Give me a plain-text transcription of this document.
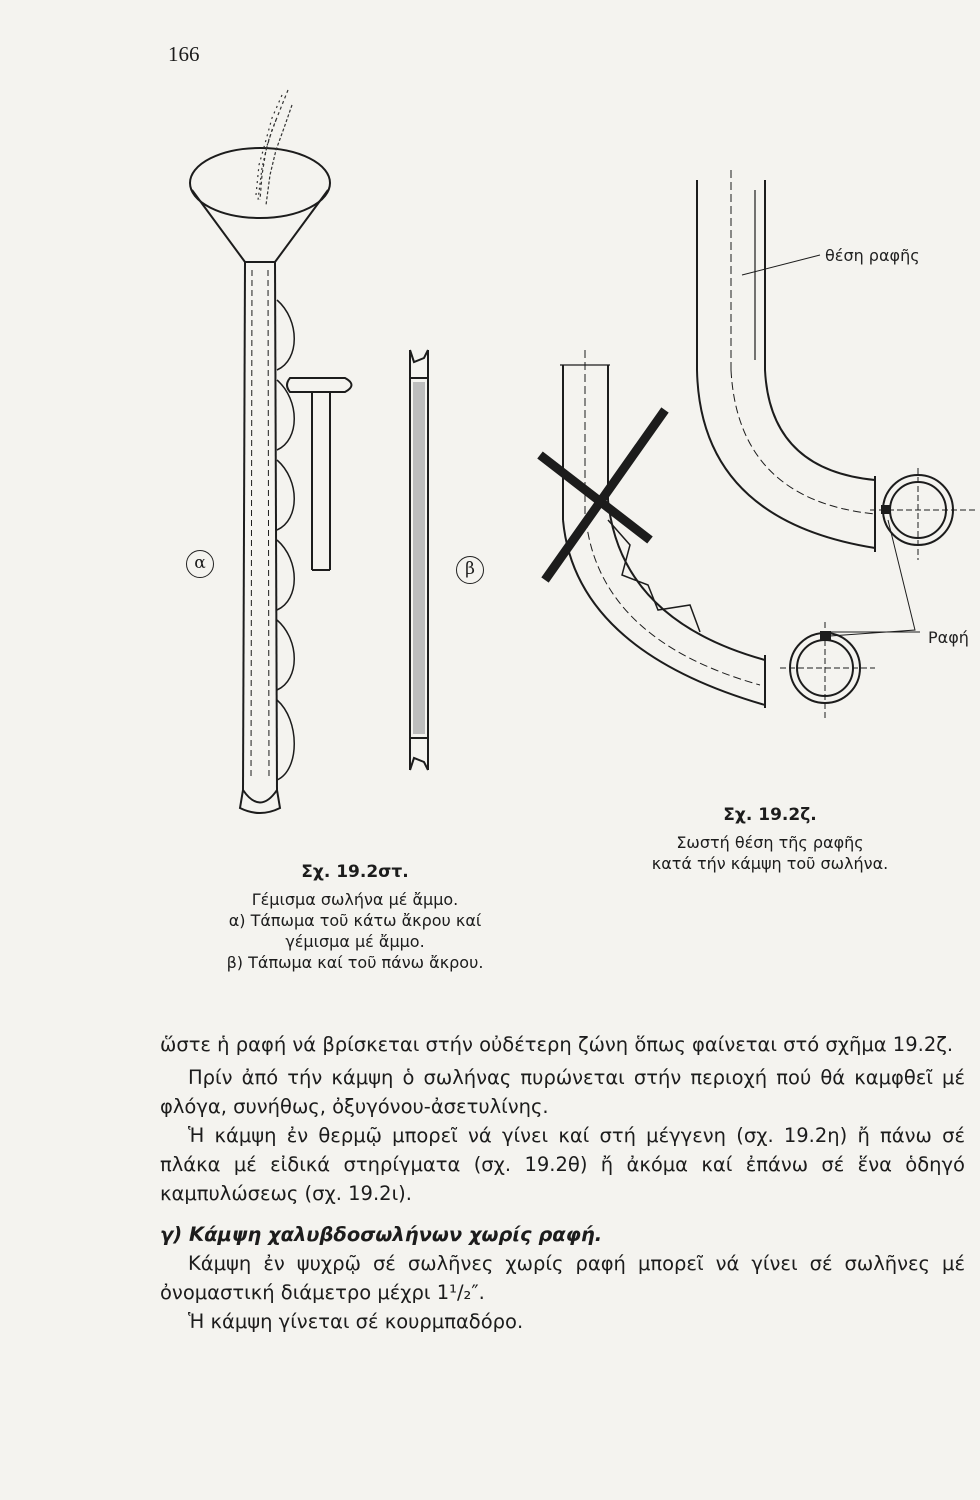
166
α	β
θέση ραφῆς
Ραφή
Σχ. 19.2στ.
Γέμισμα σωλήνα μέ ἄμμο.
α) Τάπωμα τοῦ κάτω ἄκρου καί
γέμισμα μέ ἄμμο.
β) Τάπωμα καί τοῦ πάνω ἄκρου.
Σχ. 19.2ζ.
Σωστή θέση τῆς ραφῆς
κατά τήν κάμψη τοῦ σωλήνα.

ὥστε ἡ ραφή νά βρίσκεται στήν οὐδέτερη ζώνη ὅπως φαίνεται στό σχῆμα 19.2ζ.

Πρίν ἀπό τήν κάμψη ὁ σωλήνας πυρώνεται στήν περιοχή πού θά καμφθεῖ μέ φλόγα, συνήθως, ὀξυγόνου-ἀσετυλίνης.

Ἡ κάμψη ἐν θερμῷ μπορεῖ νά γίνει καί στή μέγγενη (σχ. 19.2η) ἤ πάνω σέ πλάκα μέ εἰδικά στηρίγματα (σχ. 19.2θ) ἤ ἀκόμα καί ἐπάνω σέ ἕνα ὁδηγό καμπυλώσεως (σχ. 19.2ι).

γ) Κάμψη χαλυβδοσωλήνων χωρίς ραφή.

Κάμψη ἐν ψυχρῷ σέ σωλῆνες χωρίς ραφή μπορεῖ νά γίνει σέ σωλῆνες μέ ὀνομαστική διάμετρο μέχρι 1¹/₂″.

Ἡ κάμψη γίνεται σέ κουρμπαδόρο.
